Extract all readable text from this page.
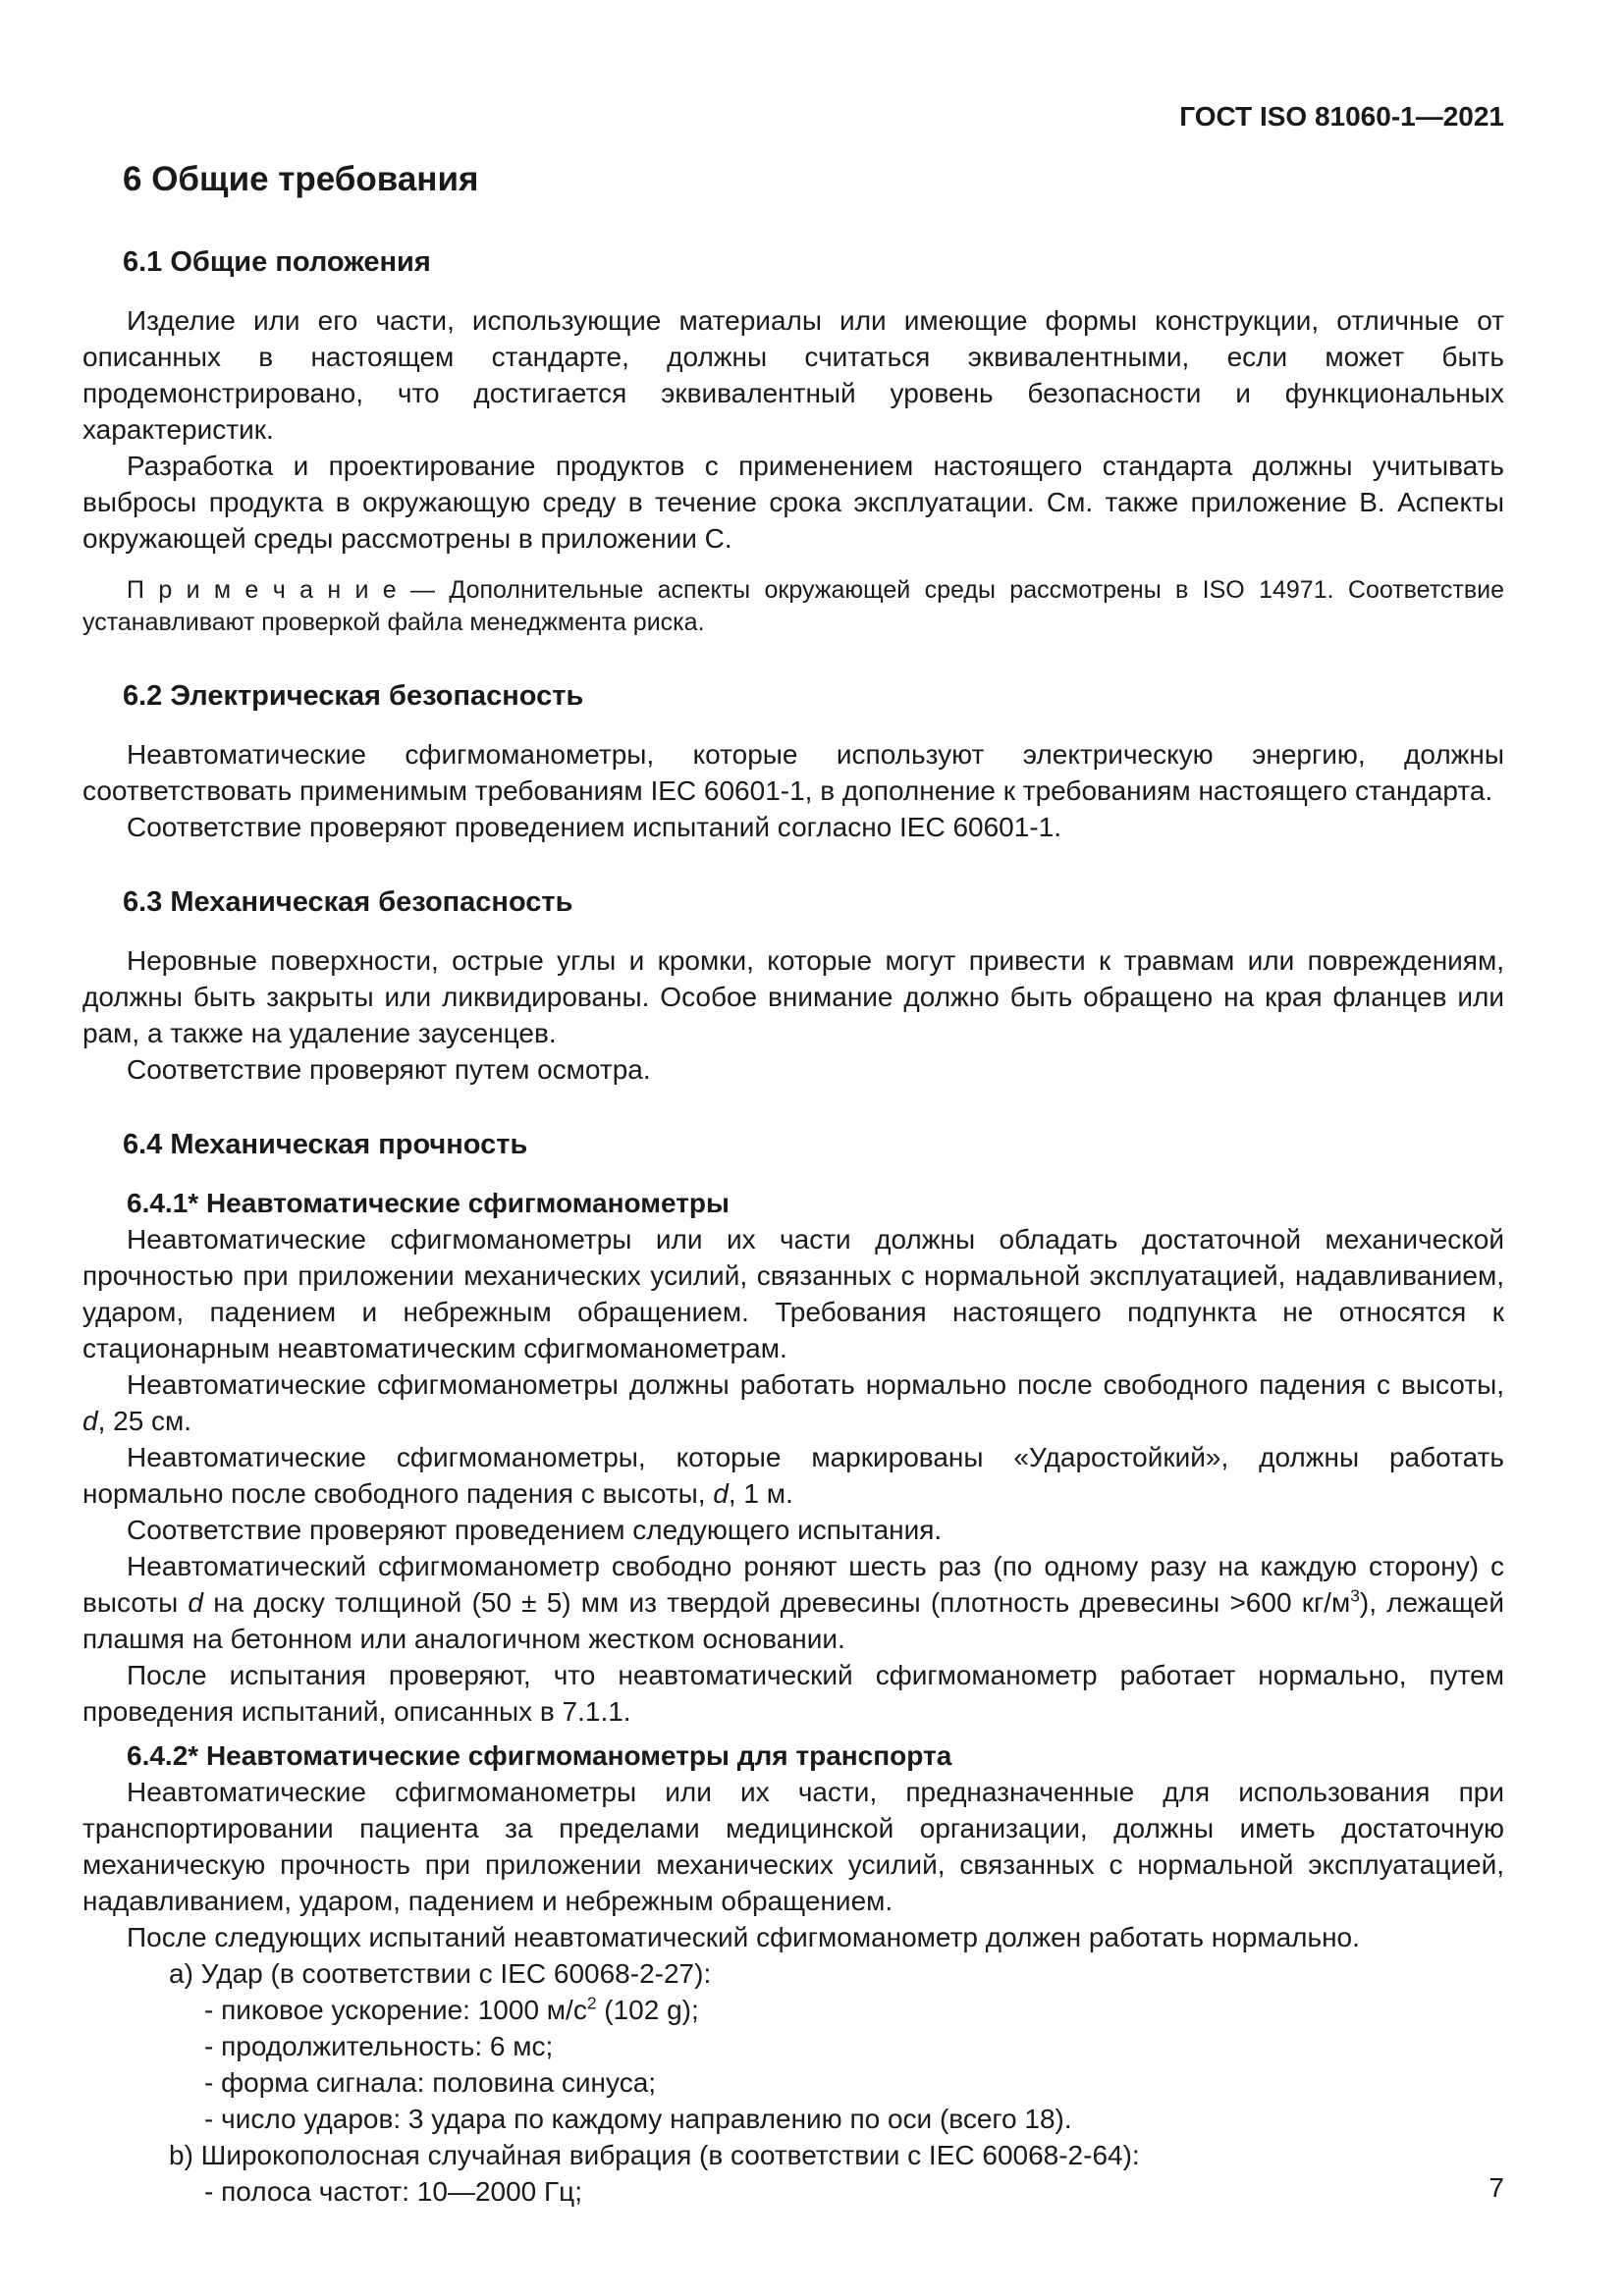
ГОСТ ISO 81060-1—2021
6 Общие требования
6.1 Общие положения

Изделие или его части, использующие материалы или имеющие формы конструкции, отличные от описанных в настоящем стандарте, должны считаться эквивалентными, если может быть продемонстрировано, что достигается эквивалентный уровень безопасности и функциональных характеристик.

Разработка и проектирование продуктов с применением настоящего стандарта должны учитывать выбросы продукта в окружающую среду в течение срока эксплуатации. См. также приложение B. Аспекты окружающей среды рассмотрены в приложении C.

П р и м е ч а н и е — Дополнительные аспекты окружающей среды рассмотрены в ISO 14971. Соответствие устанавливают проверкой файла менеджмента риска.

6.2 Электрическая безопасность

Неавтоматические сфигмоманометры, которые используют электрическую энергию, должны соответствовать применимым требованиям IEC 60601-1, в дополнение к требованиям настоящего стандарта.

Соответствие проверяют проведением испытаний согласно IEC 60601-1.

6.3 Механическая безопасность

Неровные поверхности, острые углы и кромки, которые могут привести к травмам или повреждениям, должны быть закрыты или ликвидированы. Особое внимание должно быть обращено на края фланцев или рам, а также на удаление заусенцев.

Соответствие проверяют путем осмотра.

6.4 Механическая прочность
6.4.1* Неавтоматические сфигмоманометры

Неавтоматические сфигмоманометры или их части должны обладать достаточной механической прочностью при приложении механических усилий, связанных с нормальной эксплуатацией, надавливанием, ударом, падением и небрежным обращением. Требования настоящего подпункта не относятся к стационарным неавтоматическим сфигмоманометрам.

Неавтоматические сфигмоманометры должны работать нормально после свободного падения с высоты, d, 25 см.

Неавтоматические сфигмоманометры, которые маркированы «Ударостойкий», должны работать нормально после свободного падения с высоты, d, 1 м.

Соответствие проверяют проведением следующего испытания.

Неавтоматический сфигмоманометр свободно роняют шесть раз (по одному разу на каждую сторону) с высоты d на доску толщиной (50 ± 5) мм из твердой древесины (плотность древесины >600 $кг/м^3$), лежащей плашмя на бетонном или аналогичном жестком основании.

После испытания проверяют, что неавтоматический сфигмоманометр работает нормально, путем проведения испытаний, описанных в 7.1.1.

6.4.2* Неавтоматические сфигмоманометры для транспорта

Неавтоматические сфигмоманометры или их части, предназначенные для использования при транспортировании пациента за пределами медицинской организации, должны иметь достаточную механическую прочность при приложении механических усилий, связанных с нормальной эксплуатацией, надавливанием, ударом, падением и небрежным обращением.

После следующих испытаний неавтоматический сфигмоманометр должен работать нормально.

a) Удар (в соответствии с IEC 60068-2-27):

- пиковое ускорение: 1000 $м/с^2$ (102 g);

- продолжительность: 6 мс;

- форма сигнала: половина синуса;

- число ударов: 3 удара по каждому направлению по оси (всего 18).

b) Широкополосная случайная вибрация (в соответствии с IEC 60068-2-64):

- полоса частот: 10—2000 Гц;	7
